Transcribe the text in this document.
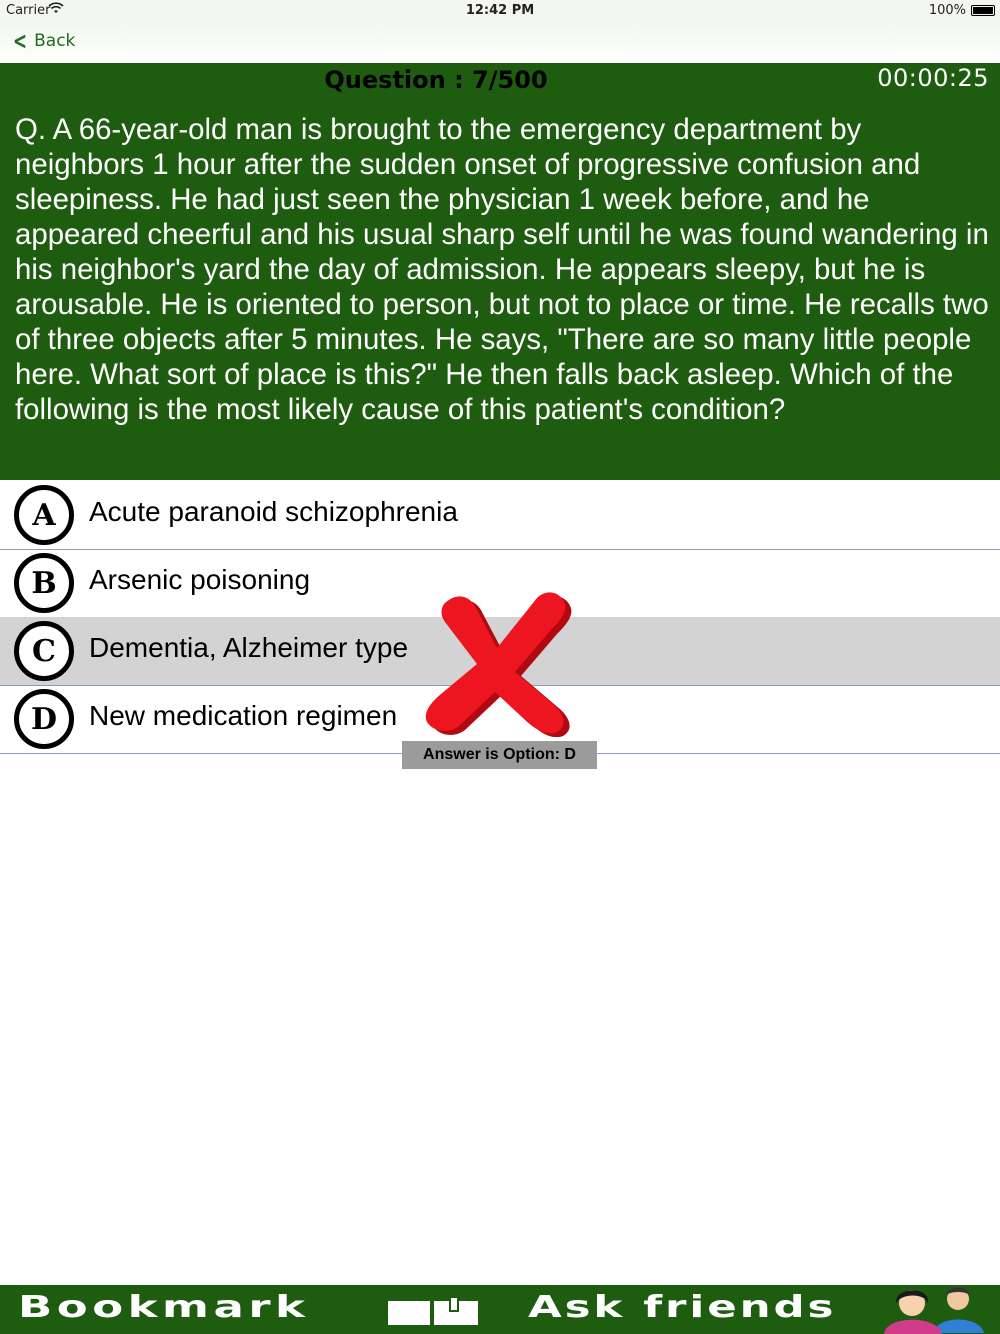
Carrier	12:42 PM	100%
< Back
Question : 7/500	00:00:25
Q. A 66-year-old man is brought to the emergency department by neighbors 1 hour after the sudden onset of progressive confusion and sleepiness. He had just seen the physician 1 week before, and he appeared cheerful and his usual sharp self until he was found wandering in his neighbor's yard the day of admission. He appears sleepy, but he is arousable. He is oriented to person, but not to place or time. He recalls two of three objects after 5 minutes. He says, "There are so many little people here. What sort of place is this?" He then falls back asleep. Which of the following is the most likely cause of this patient's condition?
A	Acute paranoid schizophrenia
B	Arsenic poisoning
C	Dementia, Alzheimer type
D	New medication regimen
Answer is Option: D
Bookmark	Ask friends
